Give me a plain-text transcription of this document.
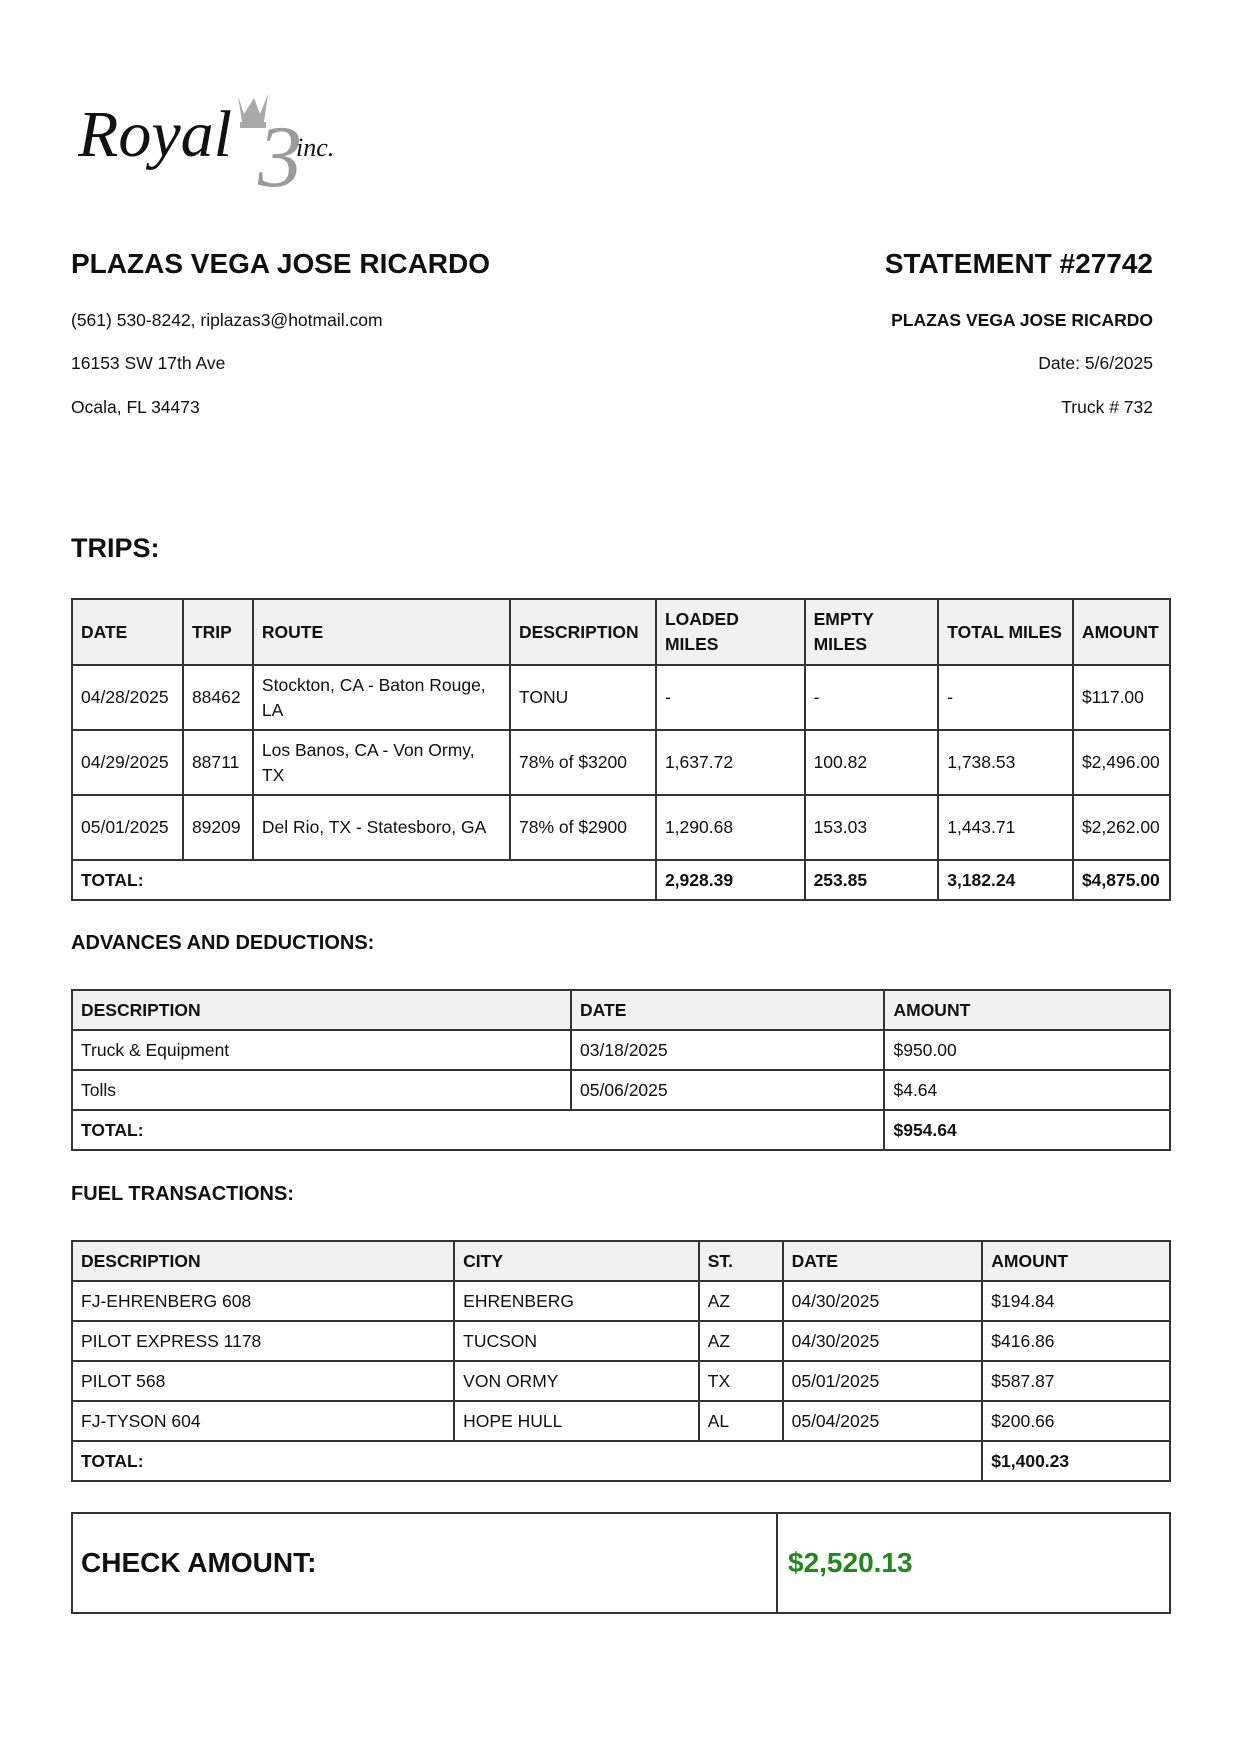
Royal 3
inc.
PLAZAS VEGA JOSE RICARDO	STATEMENT #27742
(561) 530-8242, riplazas3@hotmail.com
16153 SW 17th Ave
Ocala, FL 34473
PLAZAS VEGA JOSE RICARDO
Date: 5/6/2025
Truck # 732
TRIPS:
DATE	TRIP	ROUTE	DESCRIPTION	LOADED MILES	EMPTY MILES	TOTAL MILES	AMOUNT
04/28/2025	88462	Stockton, CA - Baton Rouge, LA	TONU	-	-	-	$117.00
04/29/2025	88711	Los Banos, CA - Von Ormy, TX	78% of $3200	1,637.72	100.82	1,738.53	$2,496.00
05/01/2025	89209	Del Rio, TX - Statesboro, GA	78% of $2900	1,290.68	153.03	1,443.71	$2,262.00
TOTAL:				2,928.39	253.85	3,182.24	$4,875.00
ADVANCES AND DEDUCTIONS:
DESCRIPTION	DATE	AMOUNT
Truck & Equipment	03/18/2025	$950.00
Tolls	05/06/2025	$4.64
TOTAL:		$954.64
FUEL TRANSACTIONS:
DESCRIPTION	CITY	ST.	DATE	AMOUNT
FJ-EHRENBERG 608	EHRENBERG	AZ	04/30/2025	$194.84
PILOT EXPRESS 1178	TUCSON	AZ	04/30/2025	$416.86
PILOT 568	VON ORMY	TX	05/01/2025	$587.87
FJ-TYSON 604	HOPE HULL	AL	05/04/2025	$200.66
TOTAL:				$1,400.23
CHECK AMOUNT:	$2,520.13
